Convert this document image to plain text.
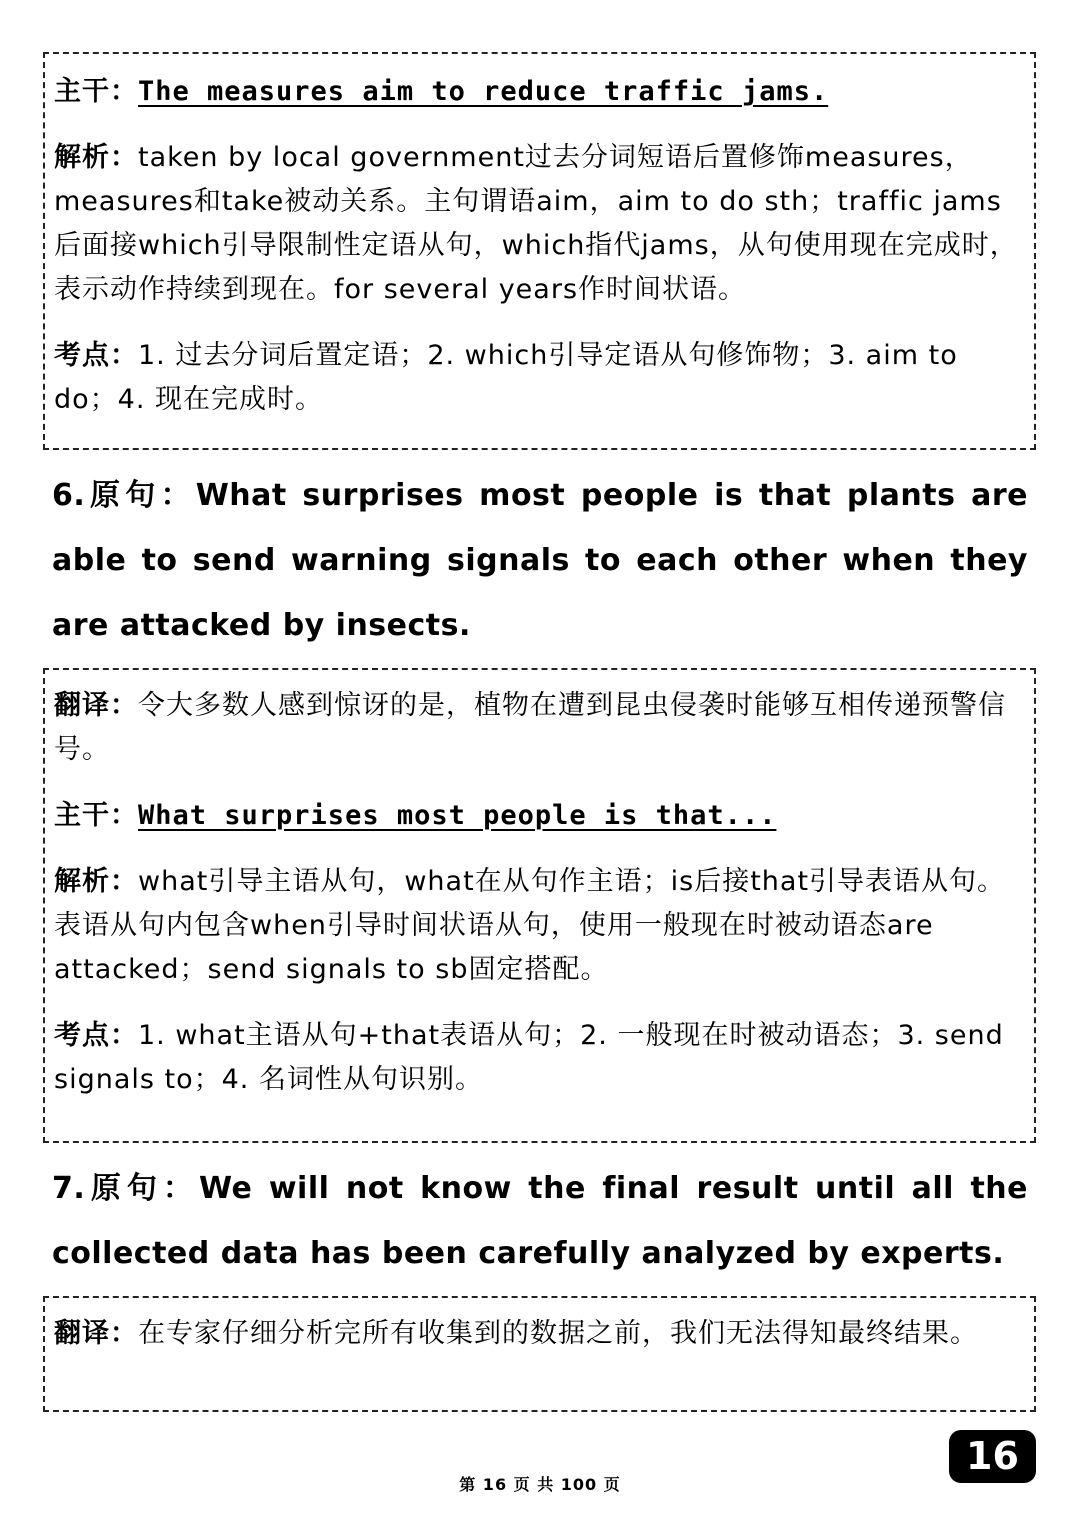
主干：The measures aim to reduce traffic jams.

解析：taken by local government过去分词短语后置修饰measures，measures和take被动关系。主句谓语aim，aim to do sth；traffic jams后面接which引导限制性定语从句，which指代jams，从句使用现在完成时，表示动作持续到现在。for several years作时间状语。

考点：1. 过去分词后置定语；2. which引导定语从句修饰物；3. aim to do；4. 现在完成时。

6.原句：What surprises most people is that plants are able to send warning signals to each other when they are attacked by insects.

翻译：令大多数人感到惊讶的是，植物在遭到昆虫侵袭时能够互相传递预警信号。

主干：What surprises most people is that...

解析：what引导主语从句，what在从句作主语；is后接that引导表语从句。表语从句内包含when引导时间状语从句，使用一般现在时被动语态are attacked；send signals to sb固定搭配。

考点：1. what主语从句+that表语从句；2. 一般现在时被动语态；3. send signals to；4. 名词性从句识别。

7.原句：We will not know the final result until all the collected data has been carefully analyzed by experts.

翻译：在专家仔细分析完所有收集到的数据之前，我们无法得知最终结果。

16
第 16 页 共 100 页
